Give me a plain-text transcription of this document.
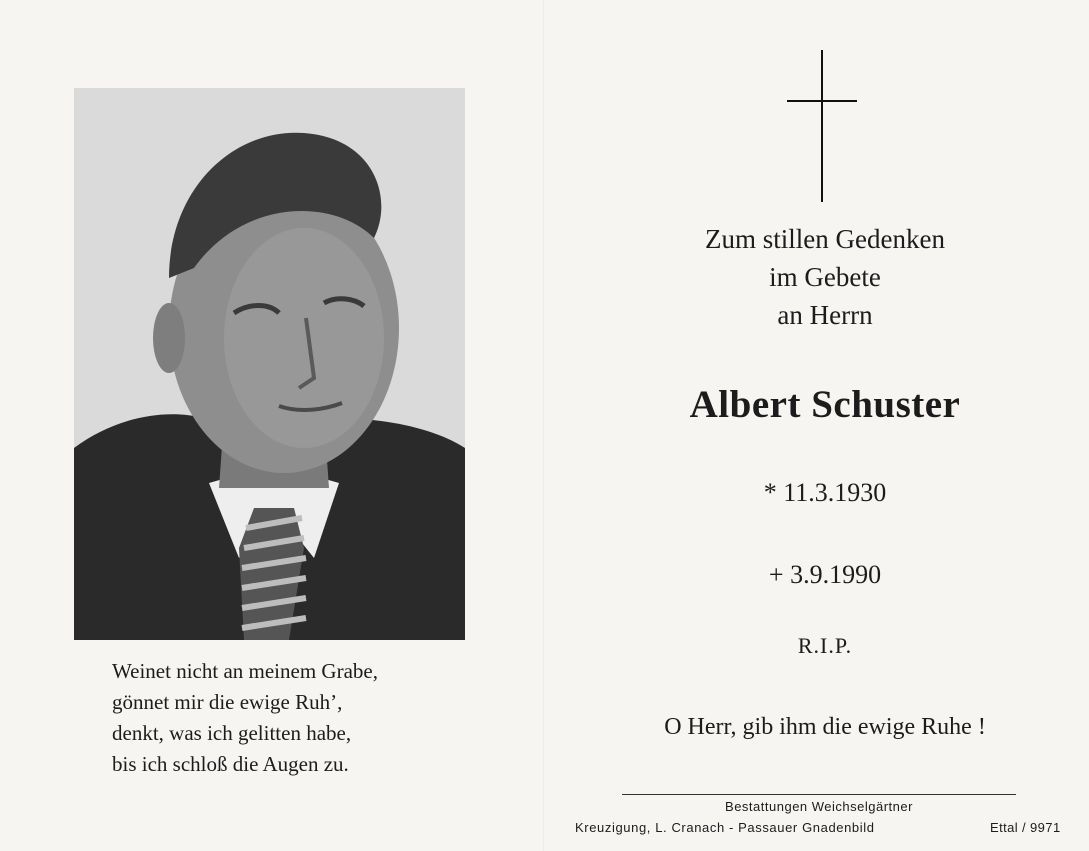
Weinet nicht an meinem Grabe,
gönnet mir die ewige Ruh’,
denkt, was ich gelitten habe,
bis ich schloß die Augen zu.
Zum stillen Gedenken
im Gebete
an Herrn
Albert Schuster
* 11.3.1930
+ 3.9.1990
R.I.P.
O Herr, gib ihm die ewige Ruhe !
Bestattungen Weichselgärtner
Kreuzigung, L. Cranach - Passauer Gnadenbild	Ettal / 9971
